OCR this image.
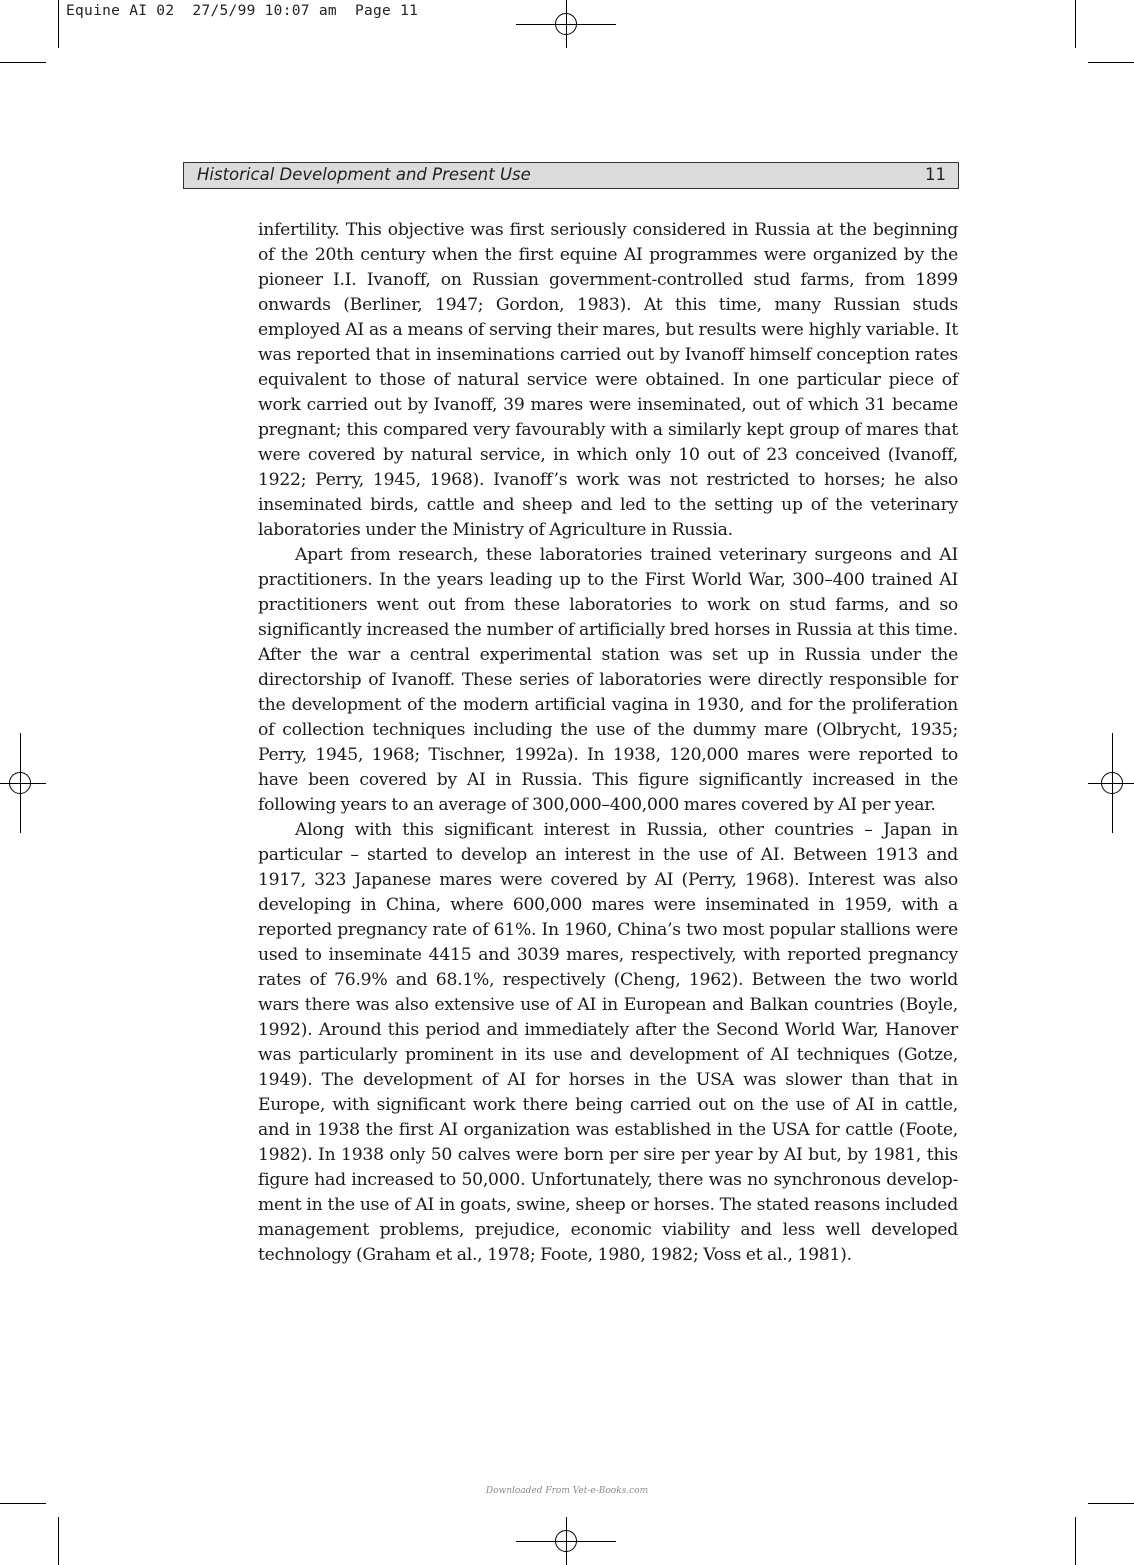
Equine AI 02  27/5/99 10:07 am  Page 11
Historical Development and Present Use	11

infertility. This objective was first seriously considered in Russia at the beginning of the 20th century when the first equine AI programmes were organized by the pioneer I.I. Ivanoff, on Russian government-controlled stud farms, from 1899 onwards (Berliner, 1947; Gordon, 1983). At this time, many Russian studs employed AI as a means of serving their mares, but results were highly variable. It was reported that in inseminations carried out by Ivanoff himself conception rates equivalent to those of natural service were obtained. In one particular piece of work carried out by Ivanoff, 39 mares were inseminated, out of which 31 became pregnant; this compared very favourably with a similarly kept group of mares that were covered by natural service, in which only 10 out of 23 conceived (Ivanoff, 1922; Perry, 1945, 1968). Ivanoff’s work was not restricted to horses; he also inseminated birds, cattle and sheep and led to the setting up of the veterinary laboratories under the Ministry of Agriculture in Russia.

Apart from research, these laboratories trained veterinary surgeons and AI practitioners. In the years leading up to the First World War, 300–400 trained AI practitioners went out from these laboratories to work on stud farms, and so significantly increased the number of artificially bred horses in Russia at this time. After the war a central experimental station was set up in Russia under the directorship of Ivanoff. These series of laboratories were directly responsible for the development of the modern artificial vagina in 1930, and for the proliferation of collection techniques including the use of the dummy mare (Olbrycht, 1935; Perry, 1945, 1968; Tischner, 1992a). In 1938, 120,000 mares were reported to have been covered by AI in Russia. This figure significantly increased in the following years to an average of 300,000–400,000 mares covered by AI per year.

Along with this significant interest in Russia, other countries – Japan in particular – started to develop an interest in the use of AI. Between 1913 and 1917, 323 Japanese mares were covered by AI (Perry, 1968). Interest was also developing in China, where 600,000 mares were inseminated in 1959, with a reported pregnancy rate of 61%. In 1960, China’s two most popular stallions were used to inseminate 4415 and 3039 mares, respectively, with reported pregnancy rates of 76.9% and 68.1%, respectively (Cheng, 1962). Between the two world wars there was also extensive use of AI in European and Balkan countries (Boyle, 1992). Around this period and immediately after the Second World War, Hanover was particularly prominent in its use and development of AI techniques (Gotze, 1949). The development of AI for horses in the USA was slower than that in Europe, with significant work there being carried out on the use of AI in cattle, and in 1938 the first AI organization was established in the USA for cattle (Foote, 1982). In 1938 only 50 calves were born per sire per year by AI but, by 1981, this figure had increased to 50,000. Unfortunately, there was no synchronous develop-ment in the use of AI in goats, swine, sheep or horses. The stated reasons included management problems, prejudice, economic viability and less well developed technology (Graham et al., 1978; Foote, 1980, 1982; Voss et al., 1981).

Downloaded From Vet-e-Books.com
